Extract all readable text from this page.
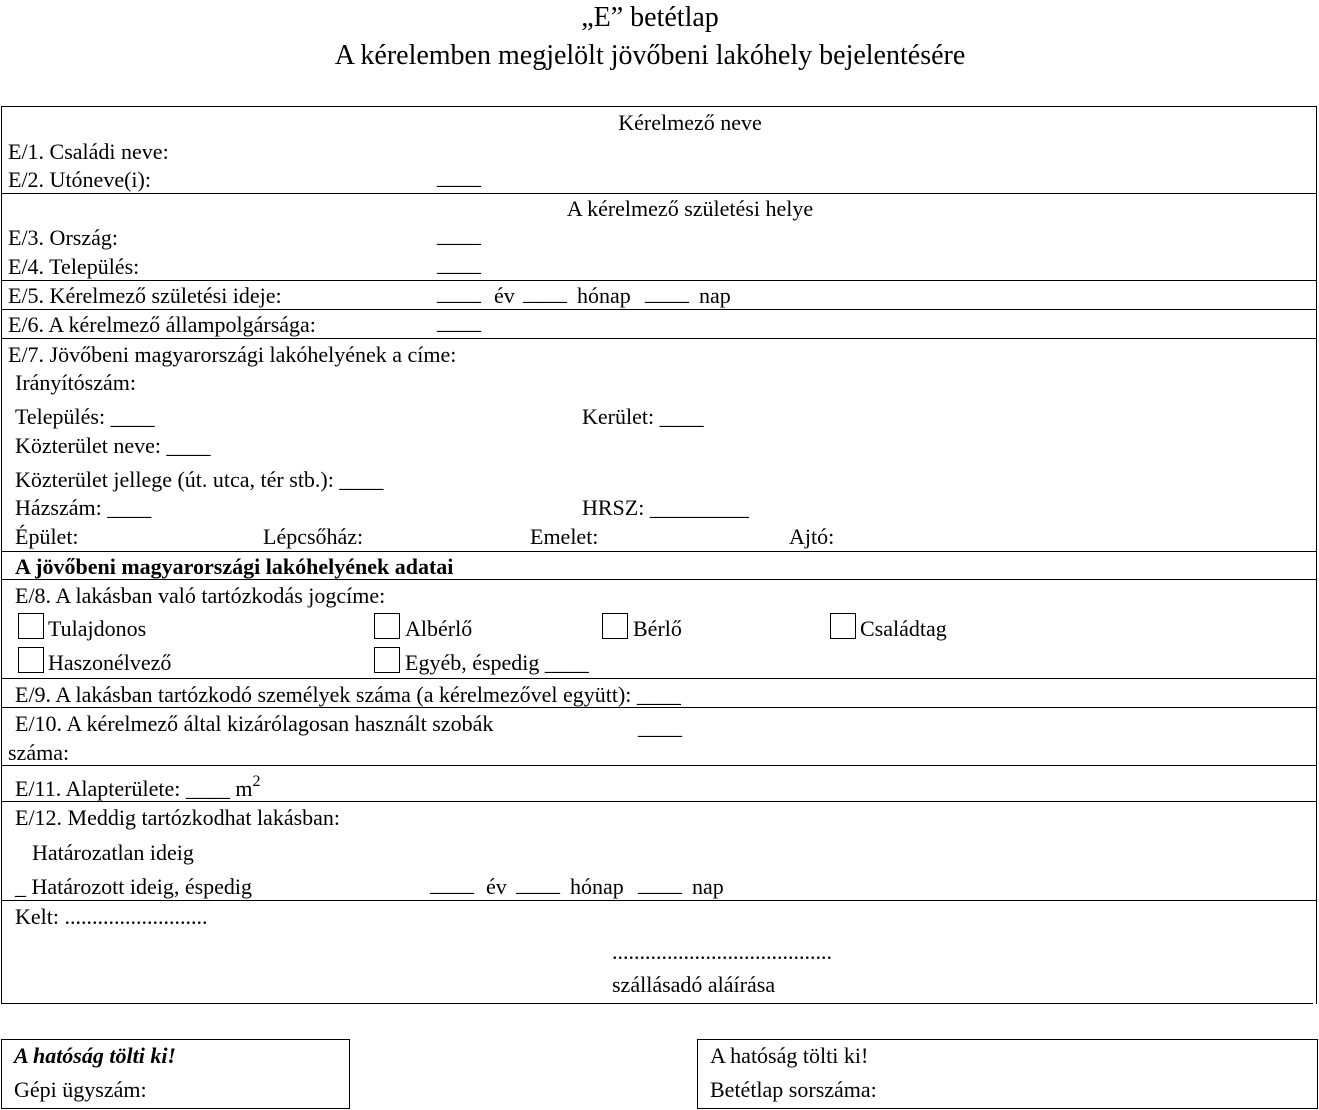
„E” betétlap
A kérelemben megjelölt jövőbeni lakóhely bejelentésére
Kérelmező neve
E/1. Családi neve:
E/2. Utóneve(i):	____
A kérelmező születési helye
E/3. Ország:	____
E/4. Település:	____
E/5. Kérelmező születési ideje:	____ év ____ hónap ____ nap
E/6. A kérelmező állampolgársága:	____
E/7. Jövőbeni magyarországi lakóhelyének a címe:
Irányítószám:
Település: ____	Kerület: ____
Közterület neve: ____
Közterület jellege (út. utca, tér stb.): ____
Házszám: ____	HRSZ: _________
Épület:	Lépcsőház:	Emelet:	Ajtó:
A jövőbeni magyarországi lakóhelyének adatai
E/8. A lakásban való tartózkodás jogcíme:
Tulajdonos	Albérlő	Bérlő	Családtag
Haszonélvező	Egyéb, éspedig ____
E/9. A lakásban tartózkodó személyek száma (a kérelmezővel együtt): ____
E/10. A kérelmező által kizárólagosan használt szobák	____
száma:
E/11. Alapterülete: ____ $m^2$
E/12. Meddig tartózkodhat lakásban:
Határozatlan ideig
_ Határozott ideig, éspedig	____ év ____ hónap ____ nap
Kelt: ..........................
........................................
szállásadó aláírása
A hatóság tölti ki!
Gépi ügyszám:
A hatóság tölti ki!
Betétlap sorszáma:
